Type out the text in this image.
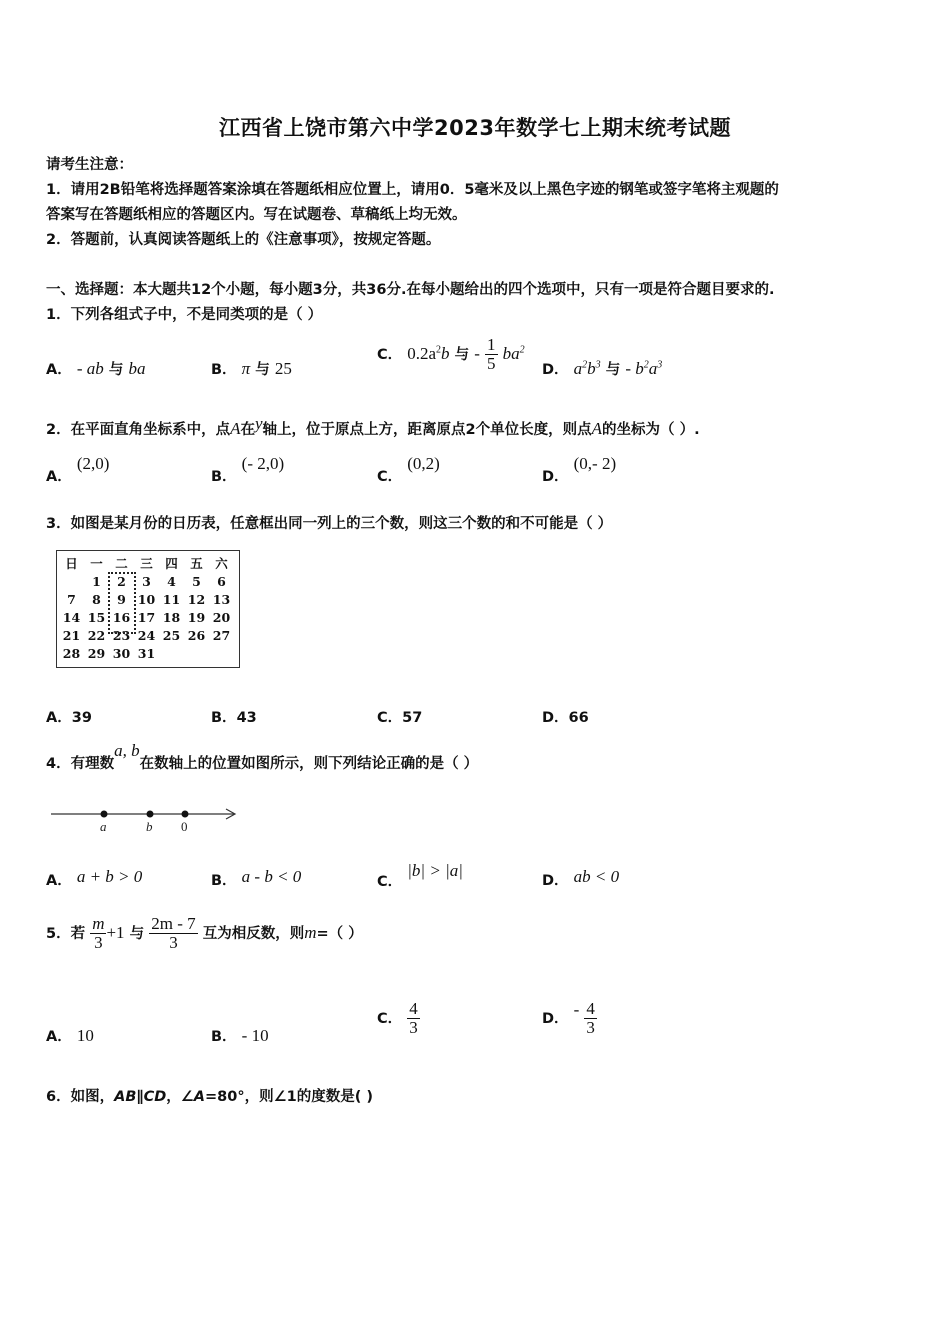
江西省上饶市第六中学2023年数学七上期末统考试题
请考生注意：
1．请用2B铅笔将选择题答案涂填在答题纸相应位置上，请用0．5毫米及以上黑色字迹的钢笔或签字笔将主观题的
答案写在答题纸相应的答题区内。写在试题卷、草稿纸上均无效。
2．答题前，认真阅读答题纸上的《注意事项》，按规定答题。
一、选择题：本大题共12个小题，每小题3分，共36分.在每小题给出的四个选项中，只有一项是符合题目要求的.
1．下列各组式子中，不是同类项的是（ ）
A． - ab 与 ba	B． π 与 25
C． $0.2a^2b$ 与 - $\frac{1}{5} ba^2$
D． $a^2b^3$ 与 - $b^2a^3$
2．在平面直角坐标系中，点A在y轴上，位于原点上方，距离原点2个单位长度，则点A的坐标为（ ）.
A． (2,0)
B． (- 2,0)
C． (0,2)
D． (0,- 2)
3．如图是某月份的日历表，任意框出同一列上的三个数，则这三个数的和不可能是（ ）
日	一	二	三	四	五	六
	1	2	3	4	5	6
7	8	9	10	11	12	13
14	15	16	17	18	19	20
21	22	23	24	25	26	27
28	29	30	31			
A．39	B．43	C．57	D．66
4．有理数a, b在数轴上的位置如图所示，则下列结论正确的是（ ）
a	b 0
A． a + b > 0	B． a - b < 0	C． |b| > |a|
D． ab < 0
5．若 $\frac{m}{3} +1$ 与 $\frac{2m - 7}{3}$ 互为相反数，则m=（ ）
A． 10	B． - 10
C． $\frac{4}{3}$	D． - $\frac{4}{3}$
6．如图，AB∥CD，∠A=80°，则∠1的度数是( )
